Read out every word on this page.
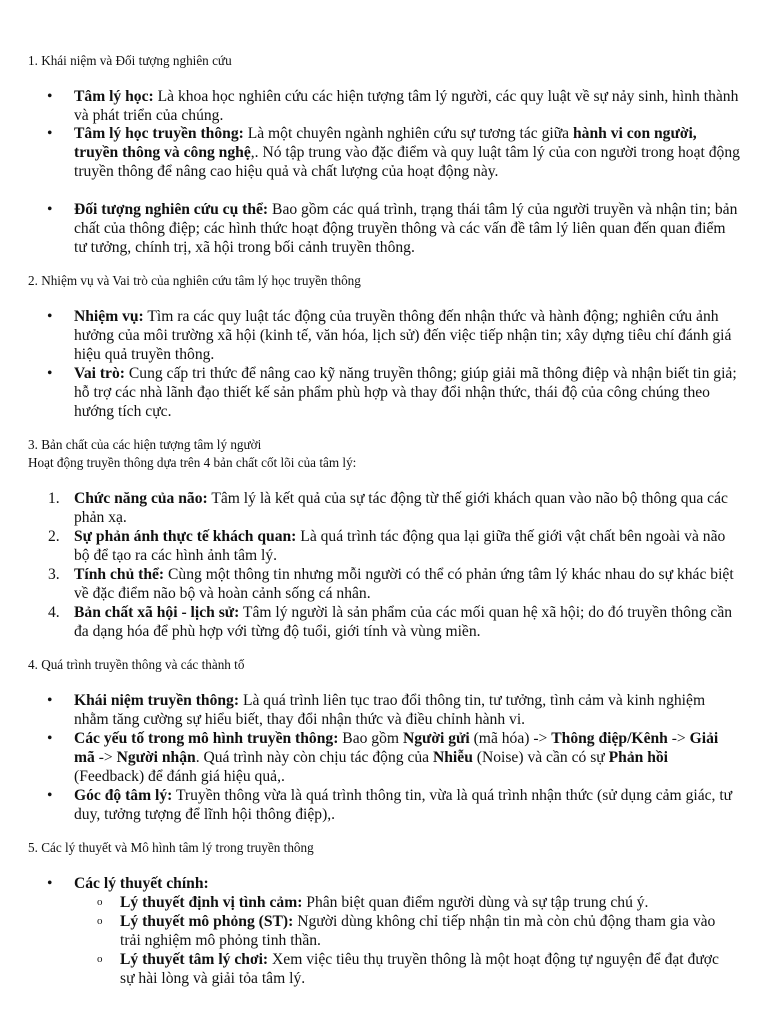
1. Khái niệm và Đối tượng nghiên cứu
• Tâm lý học: Là khoa học nghiên cứu các hiện tượng tâm lý người, các quy luật về sự nảy sinh, hình thành và phát triển của chúng.
• Tâm lý học truyền thông: Là một chuyên ngành nghiên cứu sự tương tác giữa hành vi con người, truyền thông và công nghệ,. Nó tập trung vào đặc điểm và quy luật tâm lý của con người trong hoạt động truyền thông để nâng cao hiệu quả và chất lượng của hoạt động này.
• Đối tượng nghiên cứu cụ thể: Bao gồm các quá trình, trạng thái tâm lý của người truyền và nhận tin; bản chất của thông điệp; các hình thức hoạt động truyền thông và các vấn đề tâm lý liên quan đến quan điểm tư tưởng, chính trị, xã hội trong bối cảnh truyền thông.
2. Nhiệm vụ và Vai trò của nghiên cứu tâm lý học truyền thông
• Nhiệm vụ: Tìm ra các quy luật tác động của truyền thông đến nhận thức và hành động; nghiên cứu ảnh hưởng của môi trường xã hội (kinh tế, văn hóa, lịch sử) đến việc tiếp nhận tin; xây dựng tiêu chí đánh giá hiệu quả truyền thông.
• Vai trò: Cung cấp tri thức để nâng cao kỹ năng truyền thông; giúp giải mã thông điệp và nhận biết tin giả; hỗ trợ các nhà lãnh đạo thiết kế sản phẩm phù hợp và thay đổi nhận thức, thái độ của công chúng theo hướng tích cực.
3. Bản chất của các hiện tượng tâm lý người
Hoạt động truyền thông dựa trên 4 bản chất cốt lõi của tâm lý:
1. Chức năng của não: Tâm lý là kết quả của sự tác động từ thế giới khách quan vào não bộ thông qua các phản xạ.
2. Sự phản ánh thực tế khách quan: Là quá trình tác động qua lại giữa thế giới vật chất bên ngoài và não bộ để tạo ra các hình ảnh tâm lý.
3. Tính chủ thể: Cùng một thông tin nhưng mỗi người có thể có phản ứng tâm lý khác nhau do sự khác biệt về đặc điểm não bộ và hoàn cảnh sống cá nhân.
4. Bản chất xã hội - lịch sử: Tâm lý người là sản phẩm của các mối quan hệ xã hội; do đó truyền thông cần đa dạng hóa để phù hợp với từng độ tuổi, giới tính và vùng miền.
4. Quá trình truyền thông và các thành tố
• Khái niệm truyền thông: Là quá trình liên tục trao đổi thông tin, tư tưởng, tình cảm và kinh nghiệm nhằm tăng cường sự hiểu biết, thay đổi nhận thức và điều chỉnh hành vi.
• Các yếu tố trong mô hình truyền thông: Bao gồm Người gửi (mã hóa) -> Thông điệp/Kênh -> Giải mã -> Người nhận. Quá trình này còn chịu tác động của Nhiễu (Noise) và cần có sự Phản hồi (Feedback) để đánh giá hiệu quả,.
• Góc độ tâm lý: Truyền thông vừa là quá trình thông tin, vừa là quá trình nhận thức (sử dụng cảm giác, tư duy, tưởng tượng để lĩnh hội thông điệp),.
5. Các lý thuyết và Mô hình tâm lý trong truyền thông
• Các lý thuyết chính:
o Lý thuyết định vị tình cảm: Phân biệt quan điểm người dùng và sự tập trung chú ý.
o Lý thuyết mô phỏng (ST): Người dùng không chỉ tiếp nhận tin mà còn chủ động tham gia vào trải nghiệm mô phỏng tinh thần.
o Lý thuyết tâm lý chơi: Xem việc tiêu thụ truyền thông là một hoạt động tự nguyện để đạt được sự hài lòng và giải tỏa tâm lý.
